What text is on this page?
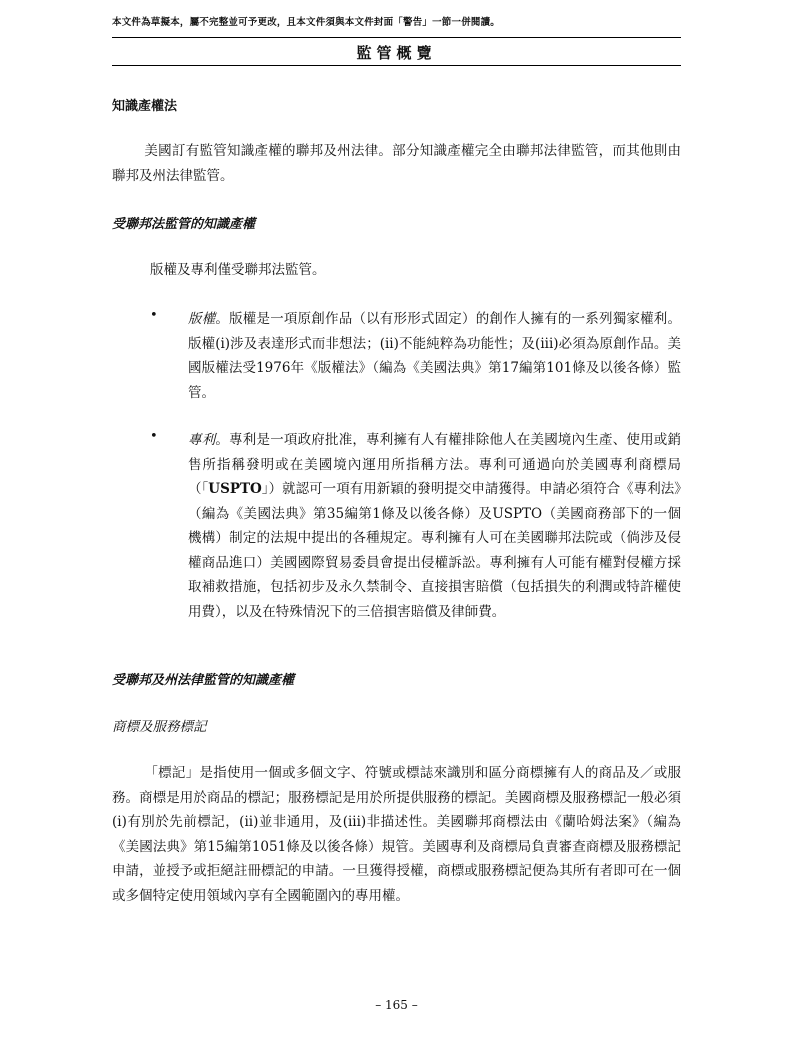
本文件為草擬本，屬不完整並可予更改，且本文件須與本文件封面「警告」一節一併閱讀。
監管概覽
知識產權法
美國訂有監管知識產權的聯邦及州法律。部分知識產權完全由聯邦法律監管，而其他則由聯邦及州法律監管。
受聯邦法監管的知識產權
版權及專利僅受聯邦法監管。
• 版權。版權是一項原創作品（以有形形式固定）的創作人擁有的一系列獨家權利。版權(i)涉及表達形式而非想法；(ii)不能純粹為功能性；及(iii)必須為原創作品。美國版權法受1976年《版權法》（編為《美國法典》第17編第101條及以後各條）監管。
• 專利。專利是一項政府批准，專利擁有人有權排除他人在美國境內生產、使用或銷售所指稱發明或在美國境內運用所指稱方法。專利可通過向於美國專利商標局（「USPTO」）就認可一項有用新穎的發明提交申請獲得。申請必須符合《專利法》（編為《美國法典》第35編第1條及以後各條）及USPTO（美國商務部下的一個機構）制定的法規中提出的各種規定。專利擁有人可在美國聯邦法院或（倘涉及侵權商品進口）美國國際貿易委員會提出侵權訴訟。專利擁有人可能有權對侵權方採取補救措施，包括初步及永久禁制令、直接損害賠償（包括損失的利潤或特許權使用費），以及在特殊情況下的三倍損害賠償及律師費。
受聯邦及州法律監管的知識產權
商標及服務標記
「標記」是指使用一個或多個文字、符號或標誌來識別和區分商標擁有人的商品及／或服務。商標是用於商品的標記；服務標記是用於所提供服務的標記。美國商標及服務標記一般必須(i)有別於先前標記，(ii)並非通用，及(iii)非描述性。美國聯邦商標法由《蘭哈姆法案》（編為《美國法典》第15編第1051條及以後各條）規管。美國專利及商標局負責審查商標及服務標記申請，並授予或拒絕註冊標記的申請。一旦獲得授權，商標或服務標記便為其所有者即可在一個或多個特定使用領域內享有全國範圍內的專用權。
– 165 –
